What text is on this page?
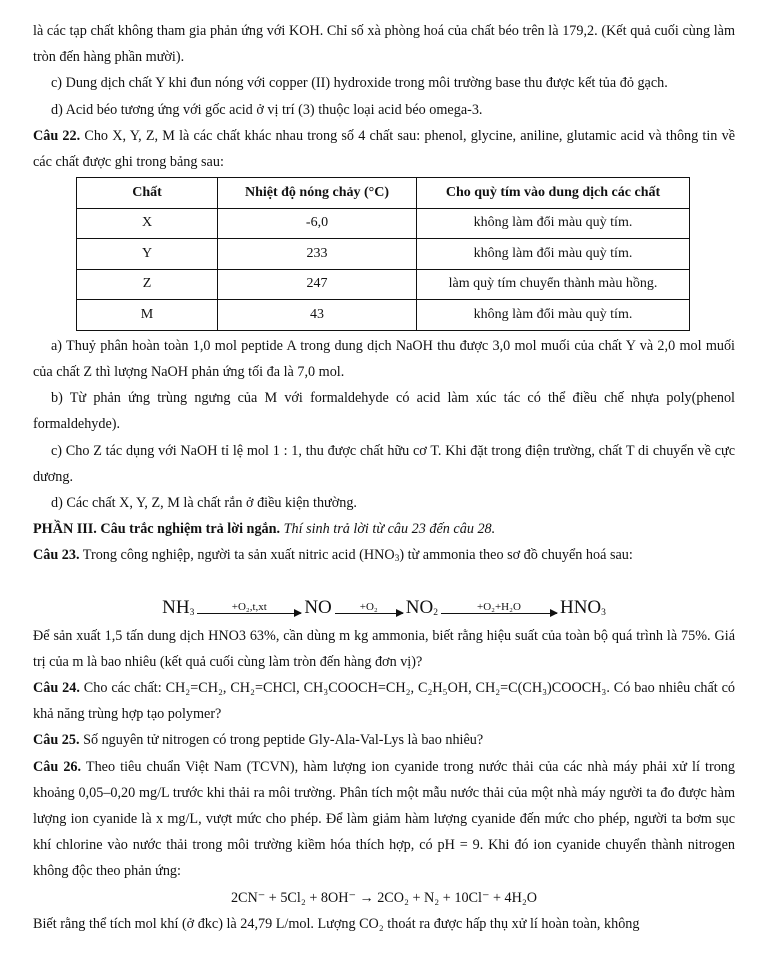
là các tạp chất không tham gia phản ứng với KOH. Chỉ số xà phòng hoá của chất béo trên là 179,2. (Kết quả cuối cùng làm tròn đến hàng phần mười).

c) Dung dịch chất Y khi đun nóng với copper (II) hydroxide trong môi trường base thu được kết tủa đỏ gạch.

d) Acid béo tương ứng với gốc acid ở vị trí (3) thuộc loại acid béo omega-3.

Câu 22. Cho X, Y, Z, M là các chất khác nhau trong số 4 chất sau: phenol, glycine, aniline, glutamic acid và thông tin về các chất được ghi trong bảng sau:

Chất	Nhiệt độ nóng chảy (°C)	Cho quỳ tím vào dung dịch các chất
X	-6,0	không làm đổi màu quỳ tím.
Y	233	không làm đổi màu quỳ tím.
Z	247	làm quỳ tím chuyển thành màu hồng.
M	43	không làm đổi màu quỳ tím.

a) Thuỷ phân hoàn toàn 1,0 mol peptide A trong dung dịch NaOH thu được 3,0 mol muối của chất Y và 2,0 mol muối của chất Z thì lượng NaOH phản ứng tối đa là 7,0 mol.

b) Từ phản ứng trùng ngưng của M với formaldehyde có acid làm xúc tác có thể điều chế nhựa poly(phenol formaldehyde).

c) Cho Z tác dụng với NaOH tỉ lệ mol 1 : 1, thu được chất hữu cơ T. Khi đặt trong điện trường, chất T di chuyển về cực dương.

d) Các chất X, Y, Z, M là chất rắn ở điều kiện thường.

PHẦN III. Câu trắc nghiệm trả lời ngắn. Thí sinh trả lời từ câu 23 đến câu 28.

Câu 23. Trong công nghiệp, người ta sản xuất nitric acid $(HNO_3)$ từ ammonia theo sơ đồ chuyển hoá sau:

$NH_3$	+O₂,t,xt	NO	+O₂	$NO_2$	+O₂+H₂O	$HNO_3$

Để sản xuất 1,5 tấn dung dịch HNO3 63%, cần dùng m kg ammonia, biết rằng hiệu suất của toàn bộ quá trình là 75%. Giá trị của m là bao nhiêu (kết quả cuối cùng làm tròn đến hàng đơn vị)?

Câu 24. Cho các chất: CH₂=CH₂, CH₂=CHCl, CH₃COOCH=CH₂, C₂H₅OH, CH₂=C(CH₃)COOCH₃. Có bao nhiêu chất có khả năng trùng hợp tạo polymer?

Câu 25. Số nguyên tử nitrogen có trong peptide Gly-Ala-Val-Lys là bao nhiêu?

Câu 26. Theo tiêu chuẩn Việt Nam (TCVN), hàm lượng ion cyanide trong nước thải của các nhà máy phải xử lí trong khoảng 0,05–0,20 mg/L trước khi thải ra môi trường. Phân tích một mẫu nước thải của một nhà máy người ta đo được hàm lượng ion cyanide là x mg/L, vượt mức cho phép. Để làm giảm hàm lượng cyanide đến mức cho phép, người ta bơm sục khí chlorine vào nước thải trong môi trường kiềm hóa thích hợp, có pH = 9. Khi đó ion cyanide chuyển thành nitrogen không độc theo phản ứng:

2CN⁻ + 5Cl₂ + 8OH⁻ → 2CO₂ + N₂ + 10Cl⁻ + 4H₂O

Biết rằng thể tích mol khí (ở đkc) là 24,79 L/mol. Lượng CO₂ thoát ra được hấp thụ xử lí hoàn toàn, không
